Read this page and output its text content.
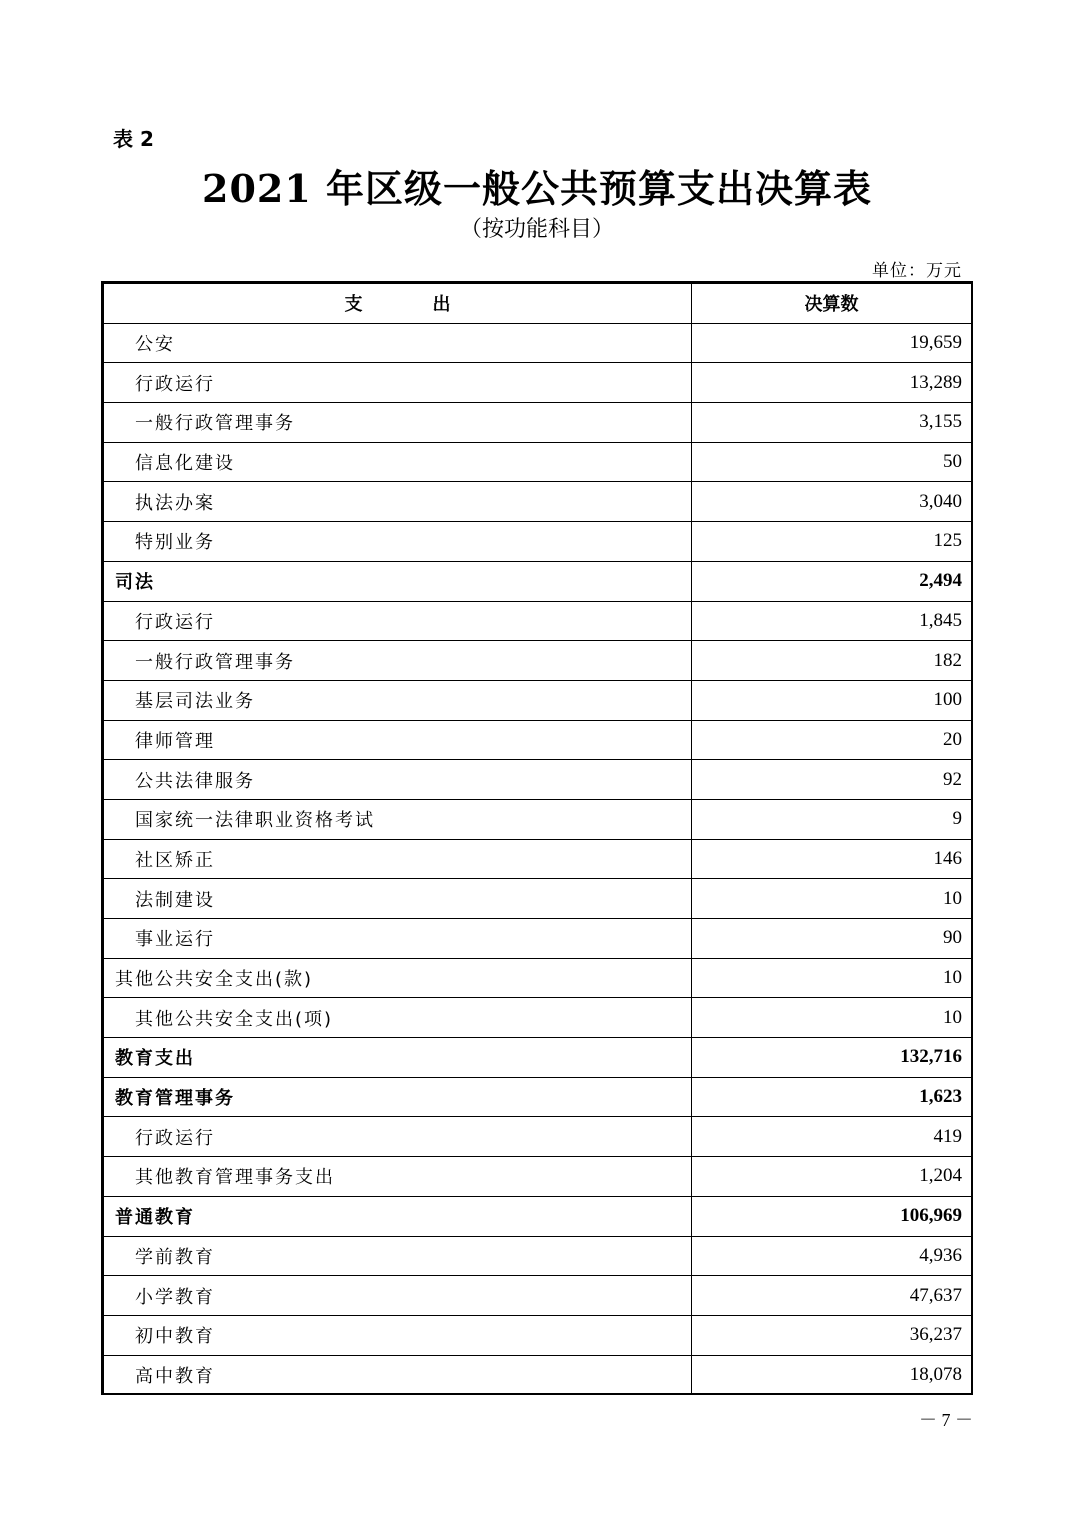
表 2
2021 年区级一般公共预算支出决算表
（按功能科目）
单位：万元
支出	决算数
公安	19,659
行政运行	13,289
一般行政管理事务	3,155
信息化建设	50
执法办案	3,040
特别业务	125
司法	2,494
行政运行	1,845
一般行政管理事务	182
基层司法业务	100
律师管理	20
公共法律服务	92
国家统一法律职业资格考试	9
社区矫正	146
法制建设	10
事业运行	90
其他公共安全支出(款)	10
其他公共安全支出(项)	10
教育支出	132,716
教育管理事务	1,623
行政运行	419
其他教育管理事务支出	1,204
普通教育	106,969
学前教育	4,936
小学教育	47,637
初中教育	36,237
高中教育	18,078
－ 7 －
